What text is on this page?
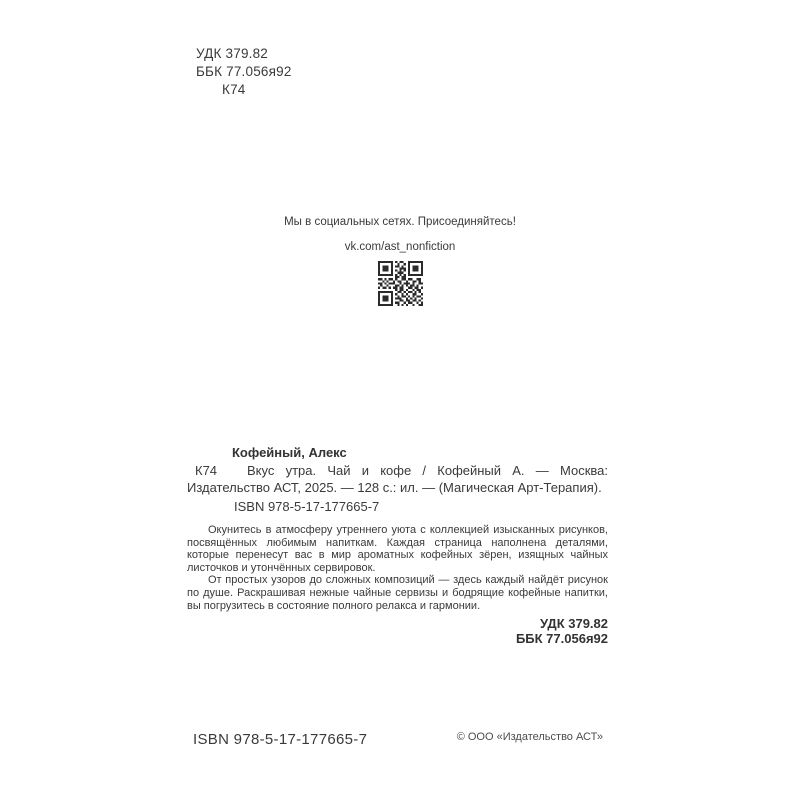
УДК 379.82

ББК 77.056я92

К74

Мы в социальных сетях. Присоединяйтесь!

vk.com/ast_nonfiction

Кофейный, Алекс

К74	Вкус утра. Чай и кофе / Кофейный А. — Москва: Издательство АСТ, 2025. — 128 с.: ил. — (Магическая Арт-Терапия).

ISBN 978-5-17-177665-7

Окунитесь в атмосферу утреннего уюта с коллекцией изысканных рисунков, посвящённых любимым напиткам. Каждая страница наполнена деталями, которые перенесут вас в мир ароматных кофейных зёрен, изящных чайных листочков и утончённых сервировок.

От простых узоров до сложных композиций — здесь каждый найдёт рисунок по душе. Раскрашивая нежные чайные сервизы и бодрящие кофейные напитки, вы погрузитесь в состояние полного релакса и гармонии.

УДК 379.82

ББК 77.056я92

ISBN 978-5-17-177665-7	© ООО «Издательство АСТ»
